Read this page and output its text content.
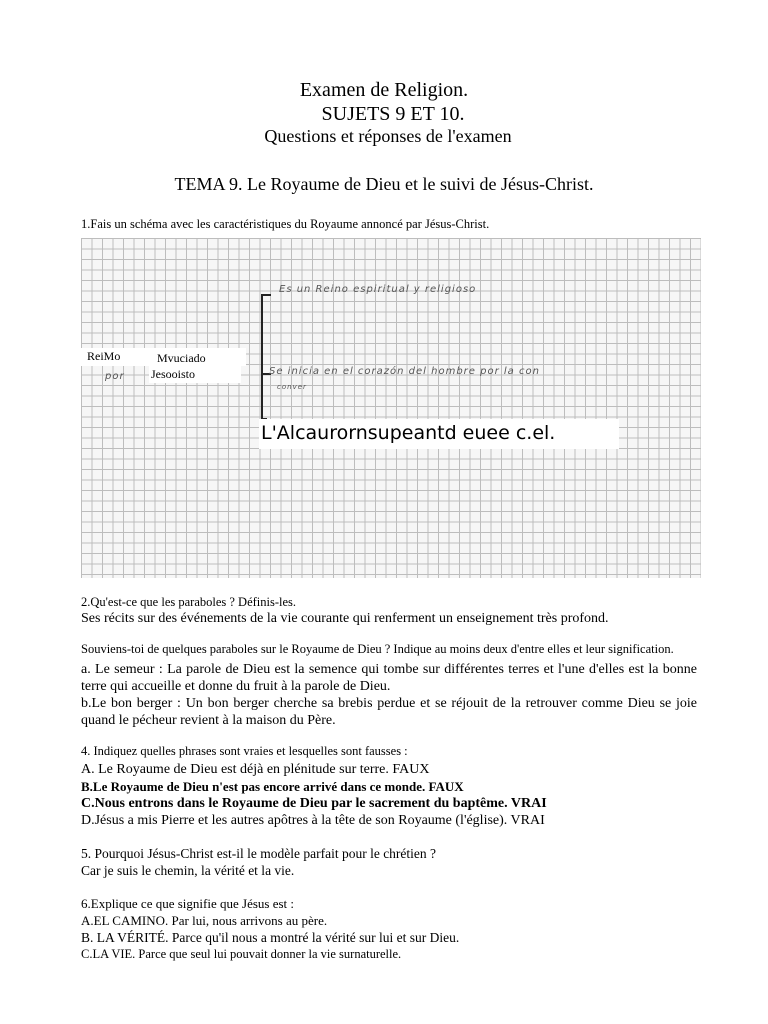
Examen de Religion.
SUJETS 9 ET 10.
Questions et réponses de l'examen
TEMA 9. Le Royaume de Dieu et le suivi de Jésus-Christ.
1.Fais un schéma avec les caractéristiques du Royaume annoncé par Jésus-Christ.
Es un Reino espiritual y religioso
ReiMo	Mvuciado
por Jesooisto	Se inicia en el corazón del hombre por la con
conver
L'Alcaurornsupeantd euee c.el.
2.Qu'est-ce que les paraboles ? Définis-les.
Ses récits sur des événements de la vie courante qui renferment un enseignement très profond.
Souviens-toi de quelques paraboles sur le Royaume de Dieu ? Indique au moins deux d'entre elles et leur signification.
a. Le semeur : La parole de Dieu est la semence qui tombe sur différentes terres et l'une d'elles est la bonne terre qui accueille et donne du fruit à la parole de Dieu.
b.Le bon berger : Un bon berger cherche sa brebis perdue et se réjouit de la retrouver comme Dieu se joie quand le pécheur revient à la maison du Père.
4. Indiquez quelles phrases sont vraies et lesquelles sont fausses :
A. Le Royaume de Dieu est déjà en plénitude sur terre. FAUX
B.Le Royaume de Dieu n'est pas encore arrivé dans ce monde. FAUX
C.Nous entrons dans le Royaume de Dieu par le sacrement du baptême. VRAI
D.Jésus a mis Pierre et les autres apôtres à la tête de son Royaume (l'église). VRAI
5. Pourquoi Jésus-Christ est-il le modèle parfait pour le chrétien ?
Car je suis le chemin, la vérité et la vie.
6.Explique ce que signifie que Jésus est :
A.EL CAMINO. Par lui, nous arrivons au père.
B. LA VÉRITÉ. Parce qu'il nous a montré la vérité sur lui et sur Dieu.
C.LA VIE. Parce que seul lui pouvait donner la vie surnaturelle.
